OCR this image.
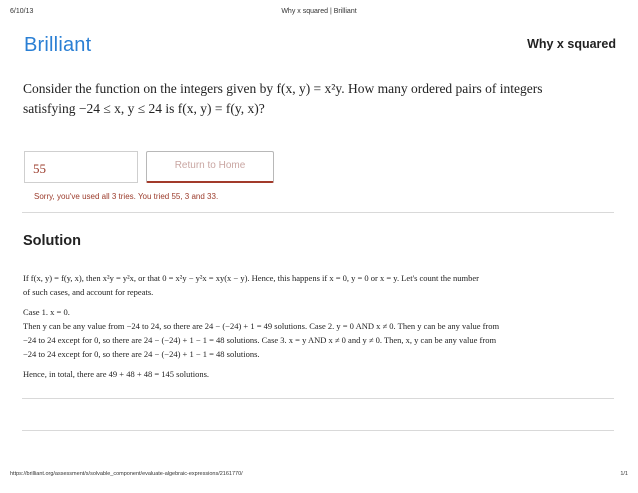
6/10/13	Why x squared | Brilliant
Brilliant	Why x squared
Consider the function on the integers given by f(x, y) = x²y. How many ordered pairs of integers
satisfying −24 ≤ x, y ≤ 24 is f(x, y) = f(y, x)?
55	Return to Home
Sorry, you've used all 3 tries. You tried 55, 3 and 33.
Solution

If f(x, y) = f(y, x), then x²y = y²x, or that 0 = x²y − y²x = xy(x − y). Hence, this happens if x = 0, y = 0 or x = y. Let's count the number

of such cases, and account for repeats.

Case 1. x = 0.

Then y can be any value from −24 to 24, so there are 24 − (−24) + 1 = 49 solutions. Case 2. y = 0 AND x ≠ 0. Then y can be any value from

−24 to 24 except for 0, so there are 24 − (−24) + 1 − 1 = 48 solutions. Case 3. x = y AND x ≠ 0 and y ≠ 0. Then, x, y can be any value from

−24 to 24 except for 0, so there are 24 − (−24) + 1 − 1 = 48 solutions.

Hence, in total, there are 49 + 48 + 48 = 145 solutions.

https://brilliant.org/assessment/s/solvable_component/evaluate-algebraic-expressions/2161770/	1/1
